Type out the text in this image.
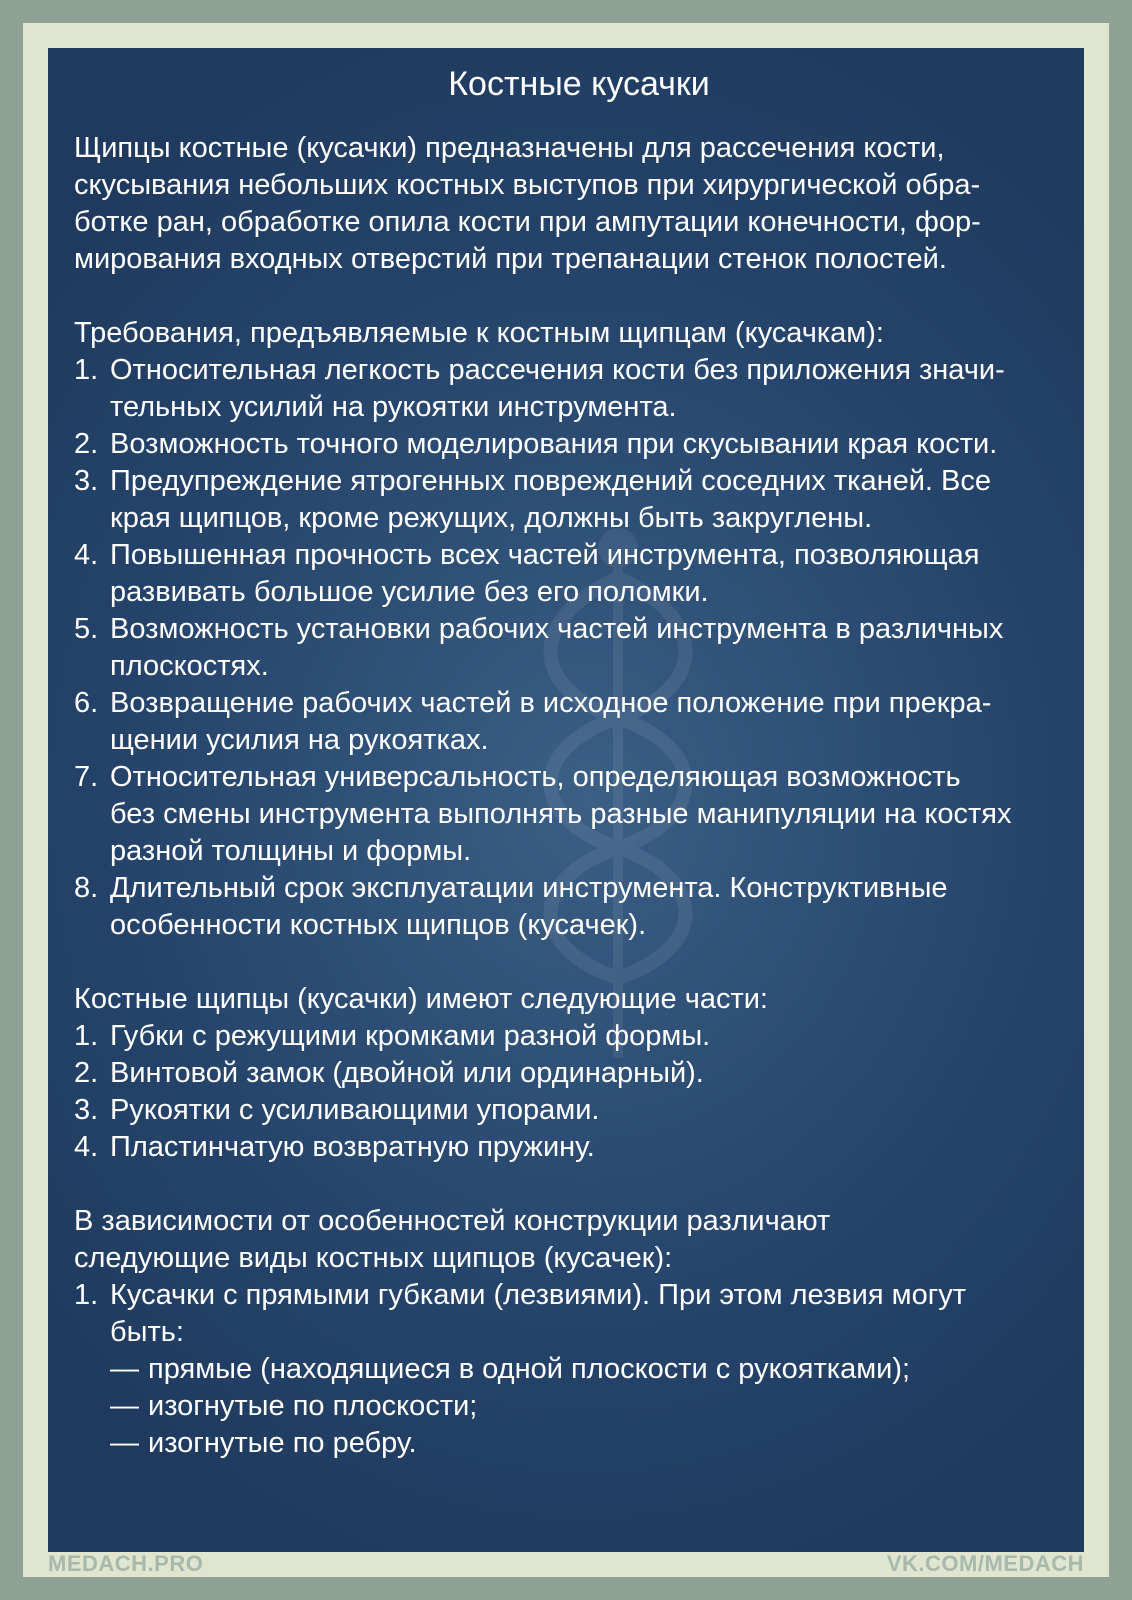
Костные кусачки

Щипцы костные (кусачки) предназначены для рассечения кости,
скусывания небольших костных выступов при хирургической обра-
ботке ран, обработке опила кости при ампутации конечности, фор-
мирования входных отверстий при трепанации стенок полостей.

Требования, предъявляемые к костным щипцам (кусачкам):

1. Относительная легкость рассечения кости без приложения значи-
тельных усилий на рукоятки инструмента.
2. Возможность точного моделирования при скусывании края кости.
3. Предупреждение ятрогенных повреждений соседних тканей. Все
края щипцов, кроме режущих, должны быть закруглены.
4. Повышенная прочность всех частей инструмента, позволяющая
развивать большое усилие без его поломки.
5. Возможность установки рабочих частей инструмента в различных
плоскостях.
6. Возвращение рабочих частей в исходное положение при прекра-
щении усилия на рукоятках.
7. Относительная универсальность, определяющая возможность
без смены инструмента выполнять разные манипуляции на костях
разной толщины и формы.
8. Длительный срок эксплуатации инструмента. Конструктивные
особенности костных щипцов (кусачек).

Костные щипцы (кусачки) имеют следующие части:

1. Губки с режущими кромками разной формы.
2. Винтовой замок (двойной или ординарный).
3. Рукоятки с усиливающими упорами.
4. Пластинчатую возвратную пружину.

В зависимости от особенностей конструкции различают
следующие виды костных щипцов (кусачек):

1. Кусачки с прямыми губками (лезвиями). При этом лезвия могут
быть:
— прямые (находящиеся в одной плоскости с рукоятками);
— изогнутые по плоскости;
— изогнутые по ребру.
MEDACH.PRO	VK.COM/MEDACH
